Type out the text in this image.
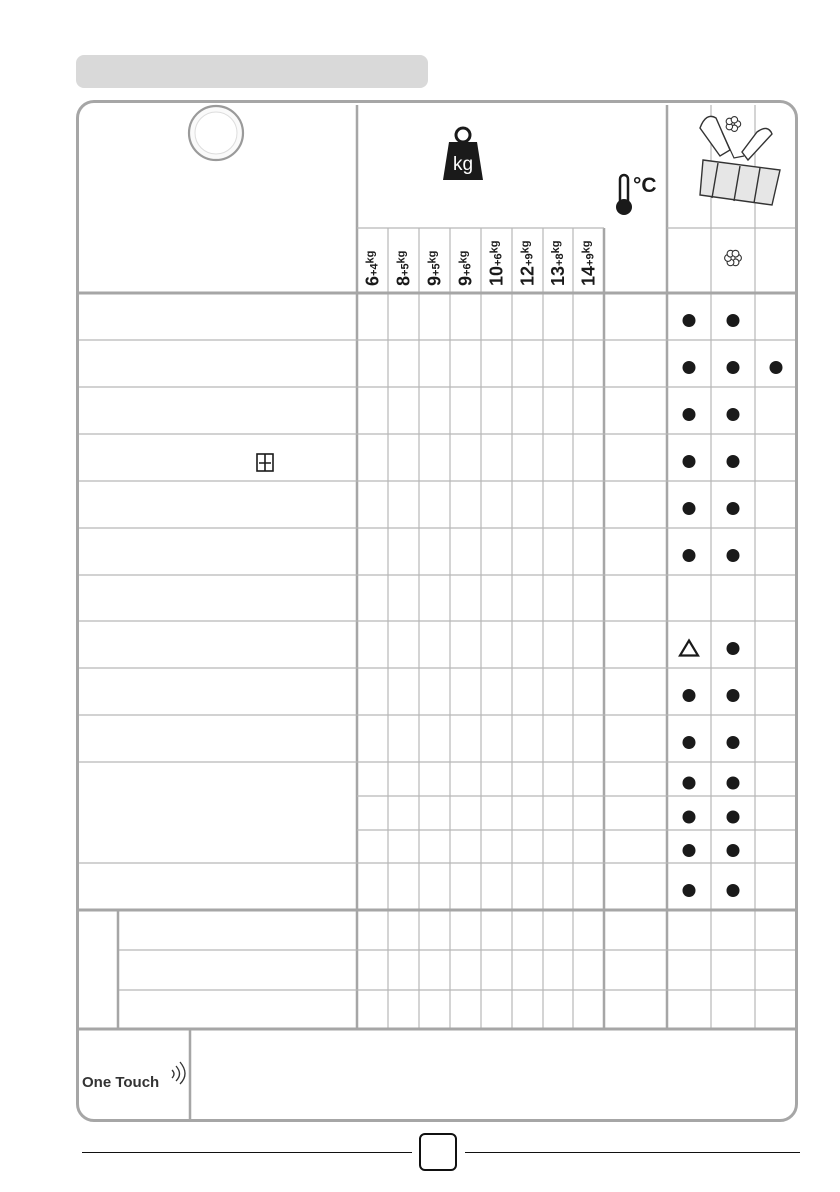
kg
$6+4^{kg}$
$8+5^{kg}$
$9+5^{kg}$
$9+6^{kg}$
$10+6^{kg}$
$12+9^{kg}$
$13+8^{kg}$
$14+9^{kg}$
°C
One Touch
